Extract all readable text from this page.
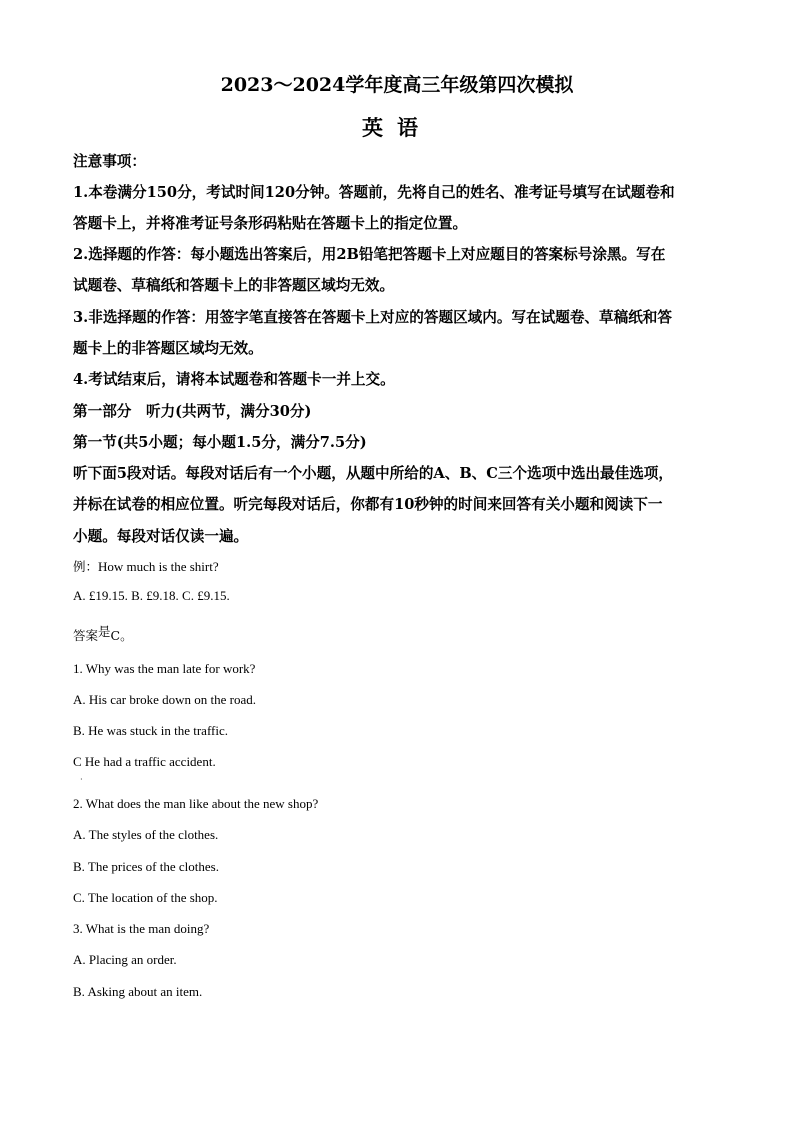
2023～2024学年度高三年级第四次模拟
英语
注意事项：
1.本卷满分150分，考试时间120分钟。答题前，先将自己的姓名、准考证号填写在试题卷和
答题卡上，并将准考证号条形码粘贴在答题卡上的指定位置。
2.选择题的作答：每小题选出答案后，用2B铅笔把答题卡上对应题目的答案标号涂黑。写在
试题卷、草稿纸和答题卡上的非答题区域均无效。
3.非选择题的作答：用签字笔直接答在答题卡上对应的答题区域内。写在试题卷、草稿纸和答
题卡上的非答题区域均无效。
4.考试结束后，请将本试题卷和答题卡一并上交。
第一部分　听力(共两节，满分30分)
第一节(共5小题；每小题1.5分，满分7.5分)
听下面5段对话。每段对话后有一个小题，从题中所给的A、B、C三个选项中选出最佳选项，
并标在试卷的相应位置。听完每段对话后，你都有10秒钟的时间来回答有关小题和阅读下一
小题。每段对话仅读一遍。
例：How much is the shirt?
A. £19.15. B. £9.18. C. £9.15.
答案是C。
1. Why was the man late for work?
A. His car broke down on the road.
B. He was stuck in the traffic.
C He had a traffic accident.
·
2. What does the man like about the new shop?
A. The styles of the clothes.
B. The prices of the clothes.
C. The location of the shop.
3. What is the man doing?
A. Placing an order.
B. Asking about an item.
